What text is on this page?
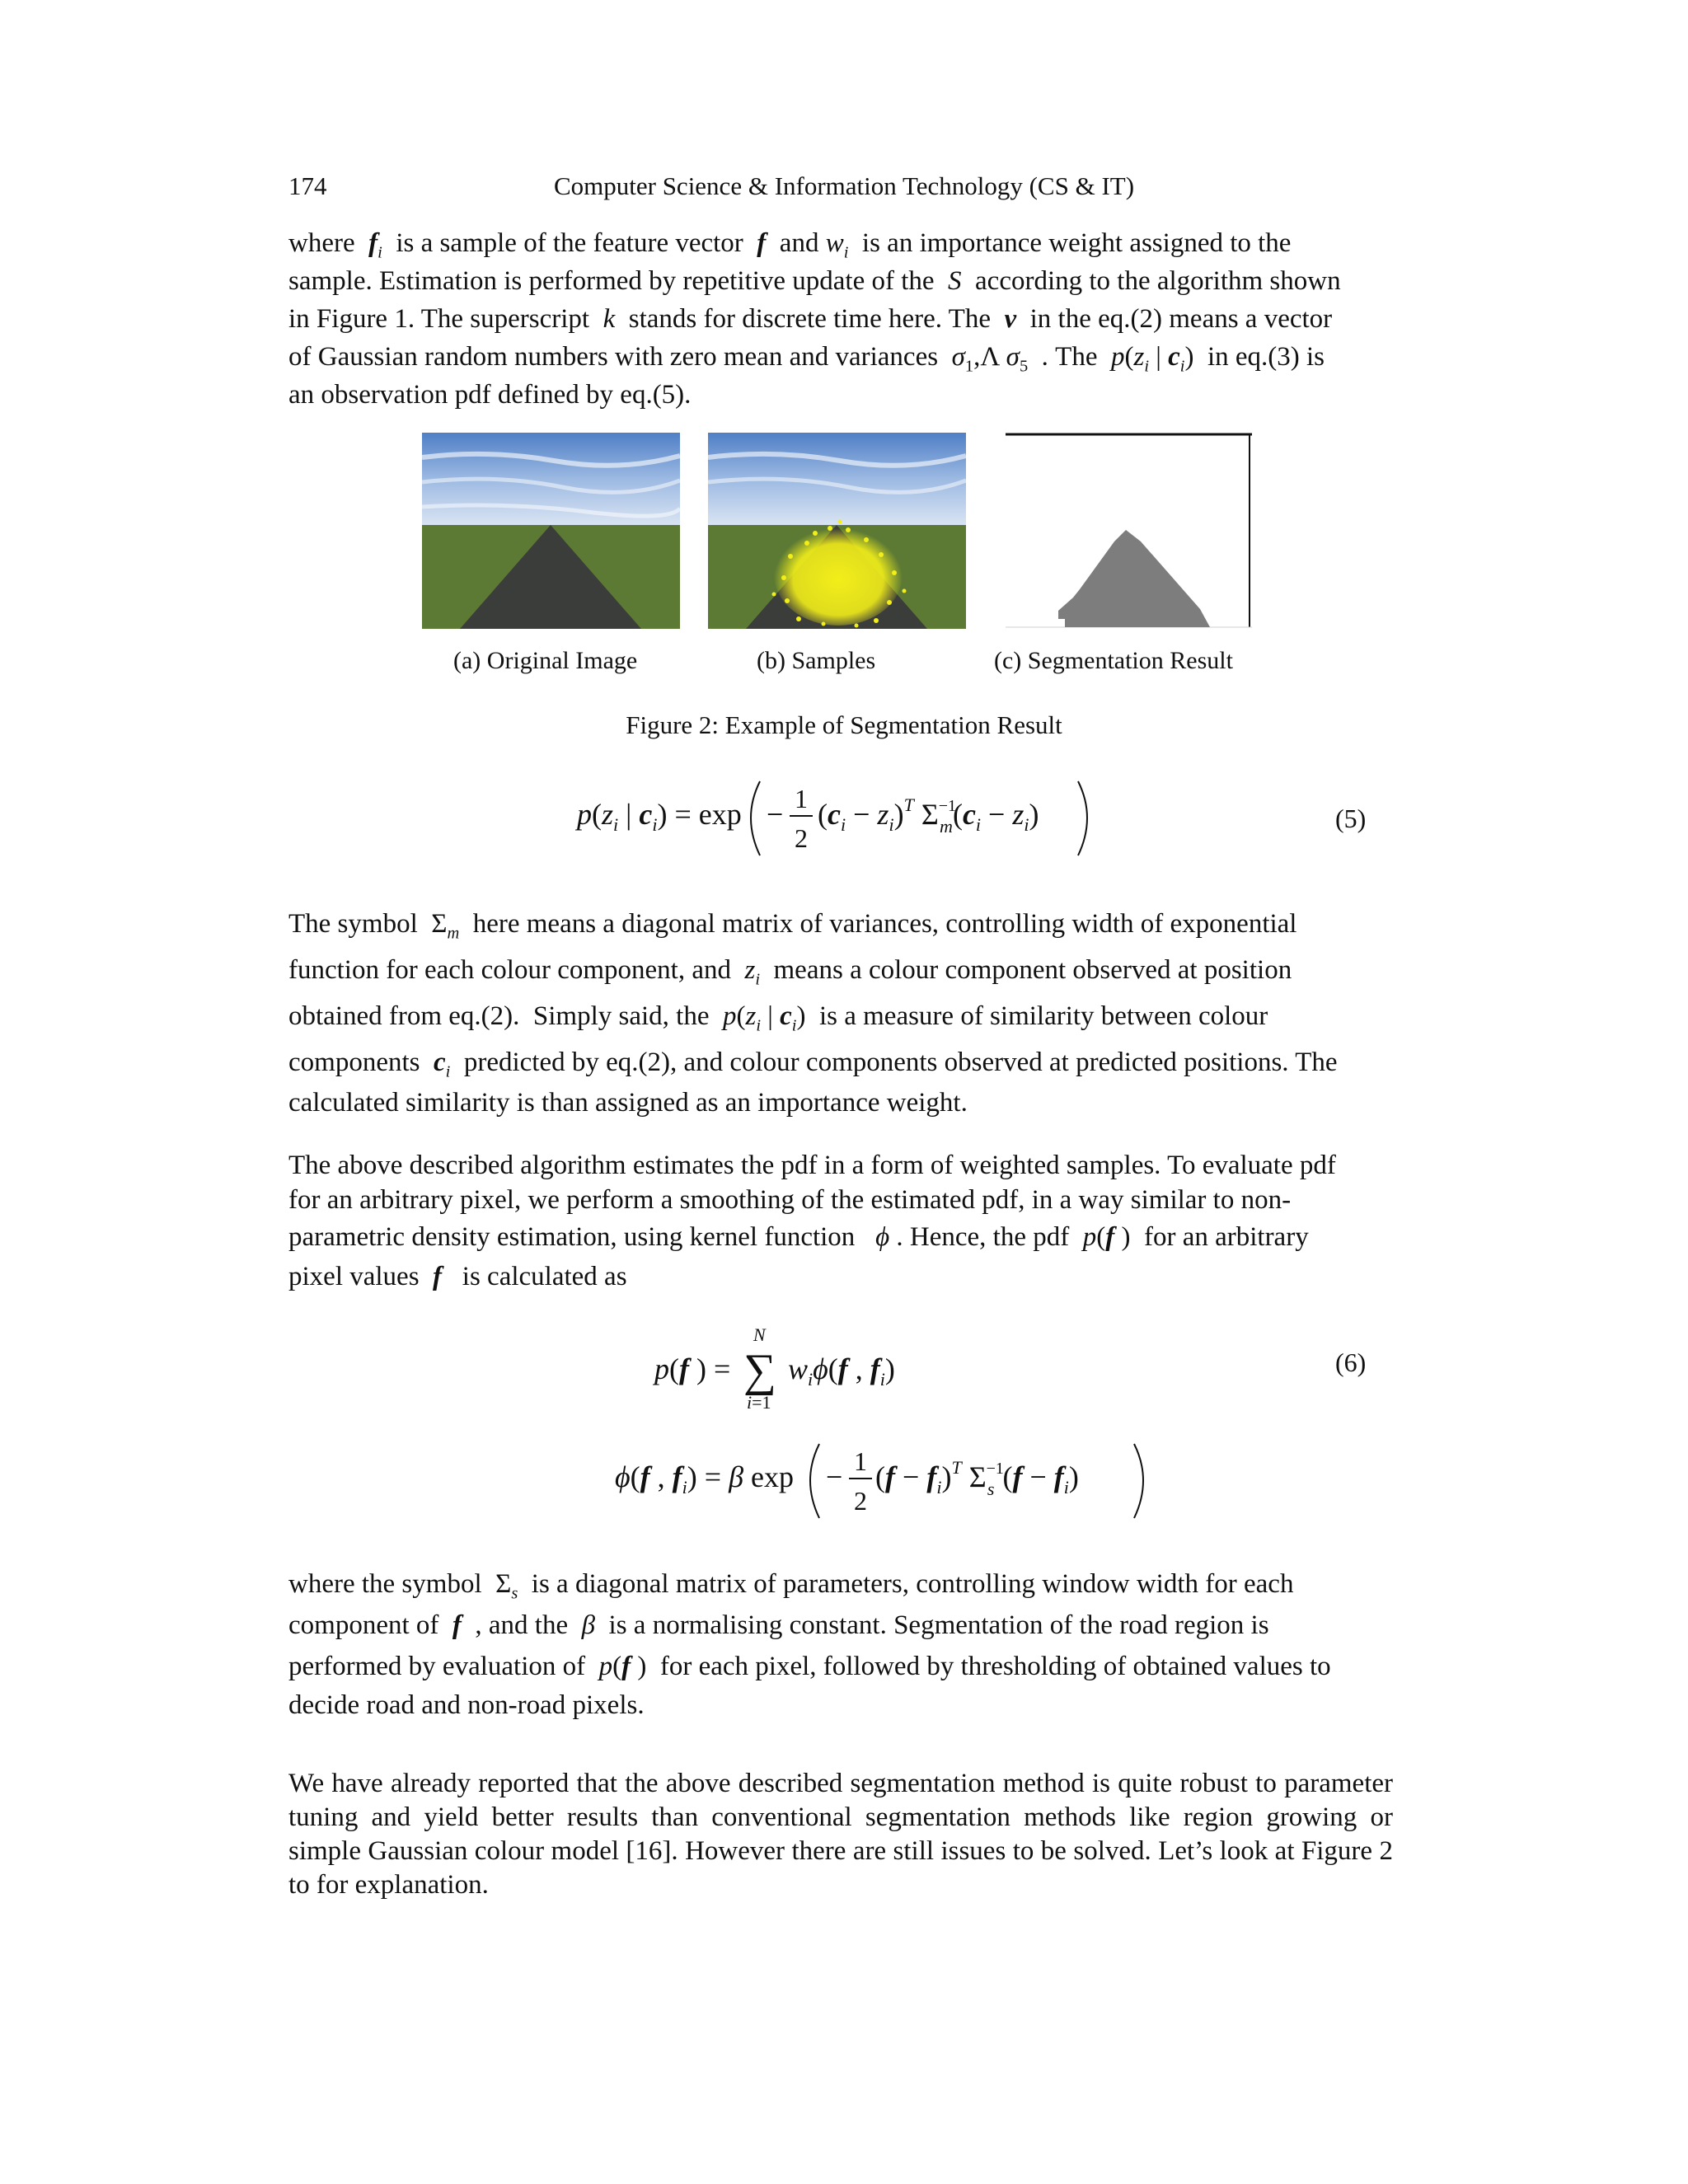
174	Computer Science & Information Technology (CS & IT)
where  $f_i$  is a sample of the feature vector  f  and $w_i$  is an importance weight assigned to the
sample. Estimation is performed by repetitive update of the  S  according to the algorithm shown
in Figure 1. The superscript  k  stands for discrete time here. The  v  in the eq.(2) means a vector
of Gaussian random numbers with zero mean and variances  $\sigma_1,\Lambda$ $\sigma_5$  . The  $p(z_i$ | $c_i$)  in eq.(3) is
an observation pdf defined by eq.(5).
(a) Original Image	(b) Samples	(c) Segmentation Result
Figure 2: Example of Segmentation Result
$p(z_i$ | $c_i) = \exp - 1$
2
$(c_i - z_i)^T$ $\Sigma^{-1}$ $m(c_i - z_i)$	(5)
The symbol  $\Sigma_m$  here means a diagonal matrix of variances, controlling width of exponential
function for each colour component, and  $z_i$  means a colour component observed at position
obtained from eq.(2).  Simply said, the  $p(z_i$ | $c_i$)  is a measure of similarity between colour
components  $c_i$  predicted by eq.(2), and colour components observed at predicted positions. The
calculated similarity is than assigned as an importance weight.
The above described algorithm estimates the pdf in a form of weighted samples. To evaluate pdf
for an arbitrary pixel, we perform a smoothing of the estimated pdf, in a way similar to non-
parametric density estimation, using kernel function   ϕ . Hence, the pdf  p(f )  for an arbitrary
pixel values  f   is calculated as
p(f ) =
N
∑
i=1
$w_i\phi(f$ , $f_i$)	(6)
ϕ(f , $f_i) = \beta$ exp − 1
2
$(f - f_i)^T$ $\Sigma^{-1}$ s $(f - f_i)$
where the symbol  $\Sigma_s$  is a diagonal matrix of parameters, controlling window width for each
component of  f  , and the  β  is a normalising constant. Segmentation of the road region is
performed by evaluation of  p(f )  for each pixel, followed by thresholding of obtained values to
decide road and non-road pixels.
We have already reported that the above described segmentation method is quite robust to parameter tuning and yield better results than conventional segmentation methods like region growing or simple Gaussian colour model [16]. However there are still issues to be solved. Let’s look at Figure 2 to for explanation.
